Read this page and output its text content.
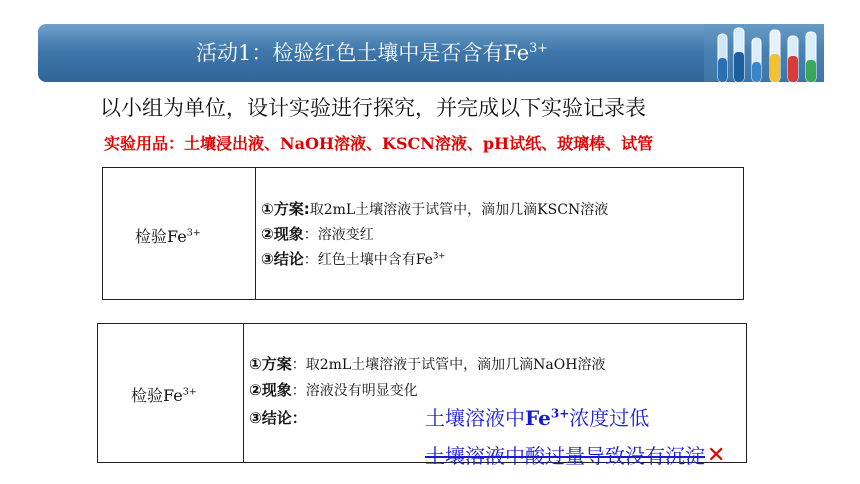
活动1：检验红色土壤中是否含有$Fe^{3+}$
以小组为单位，设计实验进行探究，并完成以下实验记录表
实验用品：土壤浸出液、NaOH溶液、KSCN溶液、pH试纸、玻璃棒、试管
检验$Fe^{3+}$
①方案:取2mL土壤溶液于试管中，滴加几滴KSCN溶液
②现象：溶液变红
③结论：红色土壤中含有$Fe^{3+}$
检验$Fe^{3+}$
①方案：取2mL土壤溶液于试管中，滴加几滴NaOH溶液
②现象：溶液没有明显变化
③结论：	土壤溶液中$Fe^{3+}$浓度过低
土壤溶液中酸过量导致没有沉淀 ✕
